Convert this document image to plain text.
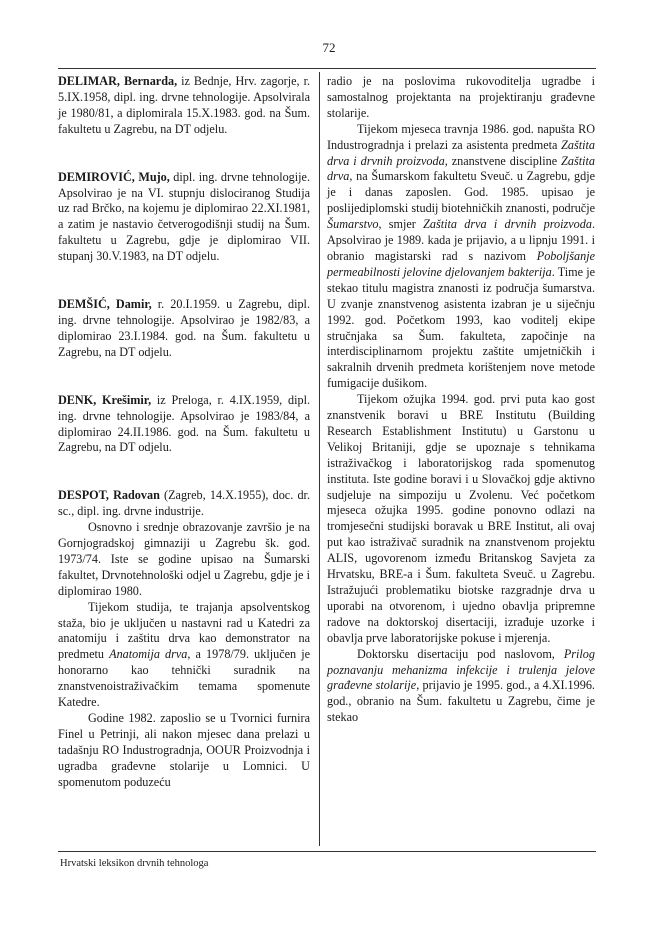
72

DELIMAR, Bernarda, iz Bednje, Hrv. zagorje, r. 5.IX.1958, dipl. ing. drvne tehnologije. Apsolvirala je 1980/81, a diplomirala 15.X.1983. god. na Šum. fakultetu u Zagrebu, na DT odjelu.

DEMIROVIĆ, Mujo, dipl. ing. drvne tehnologije. Apsolvirao je na VI. stupnju dislociranog Studija uz rad Brčko, na kojemu je diplomirao 22.XI.1981, a zatim je nastavio četverogodišnji studij na Šum. fakultetu u Zagrebu, gdje je diplomirao VII. stupanj 30.V.1983, na DT odjelu.

DEMŠIĆ, Damir, r. 20.I.1959. u Zagrebu, dipl. ing. drvne tehnologije. Apsolvirao je 1982/83, a diplomirao 23.I.1984. god. na Šum. fakultetu u Zagrebu, na DT odjelu.

DENK, Krešimir, iz Preloga, r. 4.IX.1959, dipl. ing. drvne tehnologije. Apsolvirao je 1983/84, a diplomirao 24.II.1986. god. na Šum. fakultetu u Zagrebu, na DT odjelu.

DESPOT, Radovan (Zagreb, 14.X.1955), doc. dr. sc., dipl. ing. drvne industrije.

Osnovno i srednje obrazovanje završio je na Gornjogradskoj gimnaziji u Zagrebu šk. god. 1973/74. Iste se godine upisao na Šumarski fakultet, Drvnotehnološki odjel u Zagrebu, gdje je i diplomirao 1980.

Tijekom studija, te trajanja apsolventskog staža, bio je uključen u nastavni rad u Katedri za anatomiju i zaštitu drva kao demonstrator na predmetu Anatomija drva, a 1978/79. uključen je honorarno kao tehnički suradnik na znanstvenoistraživačkim temama spomenute Katedre.

Godine 1982. zaposlio se u Tvornici furnira Finel u Petrinji, ali nakon mjesec dana prelazi u tadašnju RO Industrogradnja, OOUR Proizvodnja i ugradba građevne stolarije u Lomnici. U spomenutom poduzeću

radio je na poslovima rukovoditelja ugradbe i samostalnog projektanta na projektiranju građevne stolarije.

Tijekom mjeseca travnja 1986. god. napušta RO Industrogradnja i prelazi za asistenta predmeta Zaštita drva i drvnih proizvoda, znanstvene discipline Zaštita drva, na Šumarskom fakultetu Sveuč. u Zagrebu, gdje je i danas zaposlen. God. 1985. upisao je poslijediplomski studij biotehničkih znanosti, područje Šumarstvo, smjer Zaštita drva i drvnih proizvoda. Apsolvirao je 1989. kada je prijavio, a u lipnju 1991. i obranio magistarski rad s nazivom Poboljšanje permeabilnosti jelovine djelovanjem bakterija. Time je stekao titulu magistra znanosti iz područja šumarstva. U zvanje znanstvenog asistenta izabran je u siječnju 1992. god. Početkom 1993, kao voditelj ekipe stručnjaka sa Šum. fakulteta, započinje na interdisciplinarnom projektu zaštite umjetničkih i sakralnih drvenih predmeta korištenjem nove metode fumigacije dušikom.

Tijekom ožujka 1994. god. prvi puta kao gost znanstvenik boravi u BRE Institutu (Building Research Establishment Institutu) u Garstonu u Velikoj Britaniji, gdje se upoznaje s tehnikama istraživačkog i laboratorijskog rada spomenutog instituta. Iste godine boravi i u Slovačkoj gdje aktivno sudjeluje na simpoziju u Zvolenu. Već početkom mjeseca ožujka 1995. godine ponovno odlazi na tromjesečni studijski boravak u BRE Institut, ali ovaj put kao istraživač suradnik na znanstvenom projektu ALIS, ugovorenom između Britanskog Savjeta za Hrvatsku, BRE-a i Šum. fakulteta Sveuč. u Zagrebu. Istražujući problematiku biotske razgradnje drva u uporabi na otvorenom, i ujedno obavlja pripremne radove na doktorskoj disertaciji, izrađuje uzorke i obavlja prve laboratorijske pokuse i mjerenja.

Doktorsku disertaciju pod naslovom, Prilog poznavanju mehanizma infekcije i trulenja jelove građevne stolarije, prijavio je 1995. god., a 4.XI.1996. god., obranio na Šum. fakultetu u Zagrebu, čime je stekao

Hrvatski leksikon drvnih tehnologa
